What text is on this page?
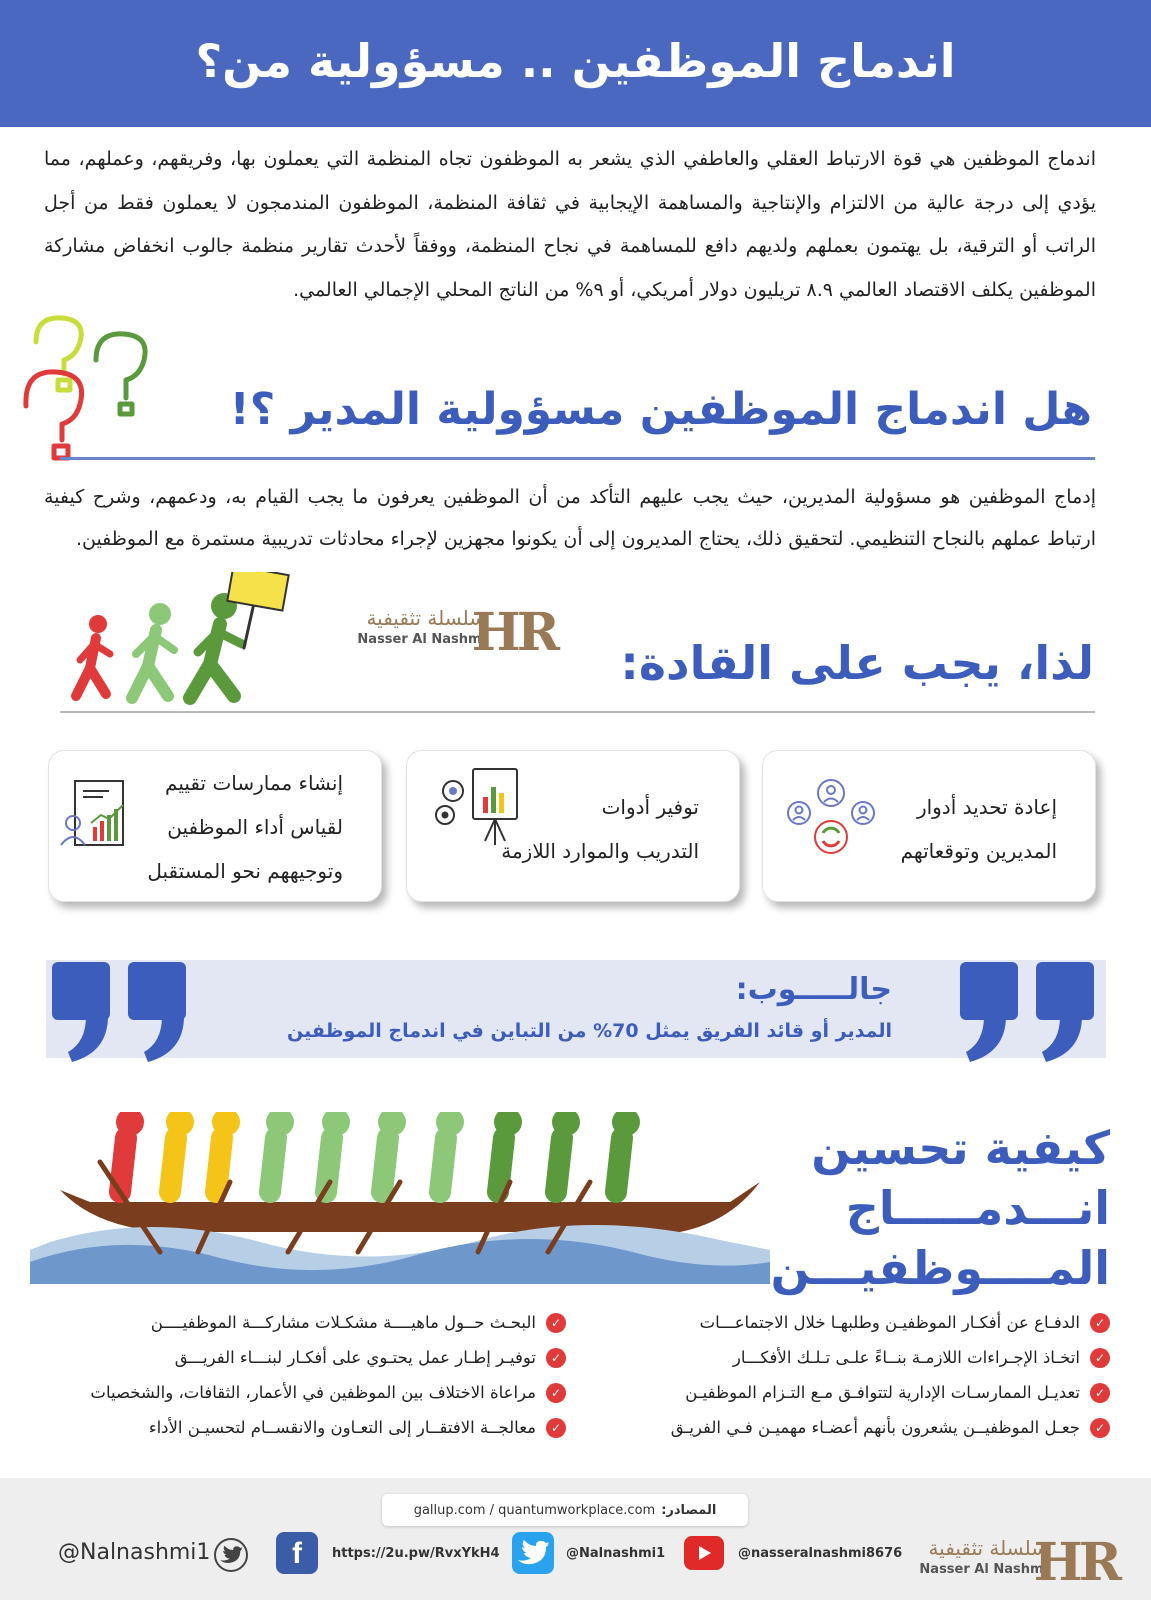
اندماج الموظفين .. مسؤولية من؟

اندماج الموظفين هي قوة الارتباط العقلي والعاطفي الذي يشعر به الموظفون تجاه المنظمة التي يعملون بها، وفريقهم، وعملهم، مما يؤدي إلى درجة عالية من الالتزام والإنتاجية والمساهمة الإيجابية في ثقافة المنظمة، الموظفون المندمجون لا يعملون فقط من أجل الراتب أو الترقية، بل يهتمون بعملهم ولديهم دافع للمساهمة في نجاح المنظمة، ووفقاً لأحدث تقارير منظمة جالوب انخفاض مشاركة الموظفين يكلف الاقتصاد العالمي ٨.٩ تريليون دولار أمريكي، أو ٩% من الناتج المحلي الإجمالي العالمي.

هل اندماج الموظفين مسؤولية المدير ؟!

إدماج الموظفين هو مسؤولية المديرين، حيث يجب عليهم التأكد من أن الموظفين يعرفون ما يجب القيام به، ودعمهم، وشرح كيفية ارتباط عملهم بالنجاح التنظيمي. لتحقيق ذلك، يحتاج المديرون إلى أن يكونوا مجهزين لإجراء محادثات تدريبية مستمرة مع الموظفين.

سلسلة تثقيفية
Nasser Al Nashmi
HR	لذا، يجب على القادة:
إعادة تحديد أدوار
المديرين وتوقعاتهم
توفير أدوات
التدريب والموارد اللازمة
إنشاء ممارسات تقييم
لقياس أداء الموظفين
وتوجيههم نحو المستقبل
جالـــــوب:
المدير أو قائد الفريق يمثل 70% من التباين في اندماج الموظفين
كيفية تحسين
انـــدمـــــاج
المــــوظفيـــن
✓
الدفـاع عن أفكـار الموظفيـن وطلبهـا خلال الاجتماعـــات
✓
اتخـاذ الإجـراءات اللازمـة بنــاءً علـى تـلـك الأفكـــار
✓
تعديـل الممارسـات الإدارية لتتوافـق مـع التـزام الموظفيـن
✓
جعـل الموظفيــن يشعرون بأنهم أعضـاء مهميـن فـي الفريـق
✓
البحـث حــول ماهيــــة مشكـلات مشاركـــة الموظفيــــن
✓
توفيـر إطـار عمل يحتـوي على أفكـار لبنـــاء الفريـــق
✓
مراعاة الاختلاف بين الموظفين في الأعمار، الثقافات، والشخصيات
✓
معالجــة الافتقــار إلى التعـاون والانقســام لتحسيـن الأداء
المصادر:
gallup.com / quantumworkplace.com
سلسلة تثقيفية
Nasser Al Nashmi
HR
@nasseralnashmi8676
@Nalnashmi1
f	https://2u.pw/RvxYkH4
@Nalnashmi1
